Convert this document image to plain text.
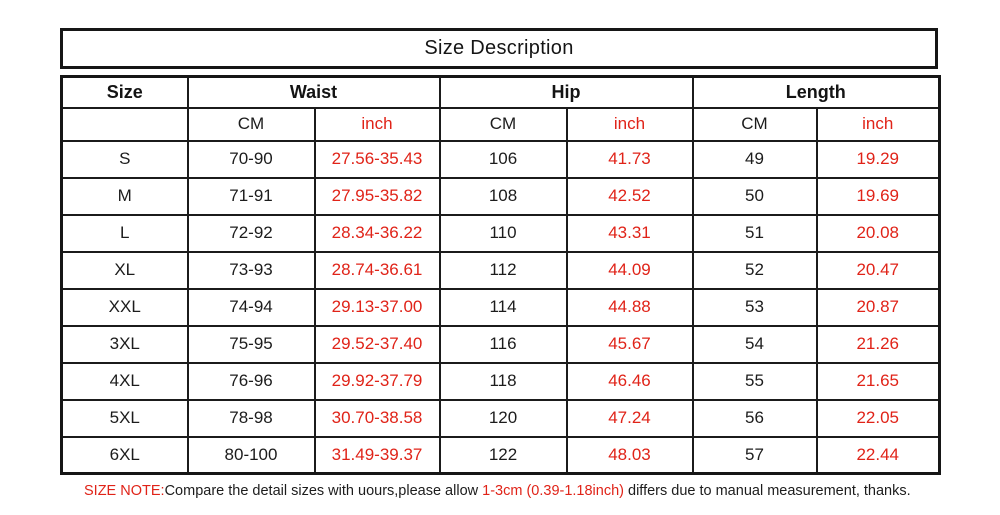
Size Description
Size	Waist		Hip		Length	
	CM	inch	CM	inch	CM	inch
S	70-90	27.56-35.43	106	41.73	49	19.29
M	71-91	27.95-35.82	108	42.52	50	19.69
L	72-92	28.34-36.22	110	43.31	51	20.08
XL	73-93	28.74-36.61	112	44.09	52	20.47
XXL	74-94	29.13-37.00	114	44.88	53	20.87
3XL	75-95	29.52-37.40	116	45.67	54	21.26
4XL	76-96	29.92-37.79	118	46.46	55	21.65
5XL	78-98	30.70-38.58	120	47.24	56	22.05
6XL	80-100	31.49-39.37	122	48.03	57	22.44
SIZE NOTE:Compare the detail sizes with uours,please allow 1-3cm (0.39-1.18inch) differs due to manual measurement, thanks.
